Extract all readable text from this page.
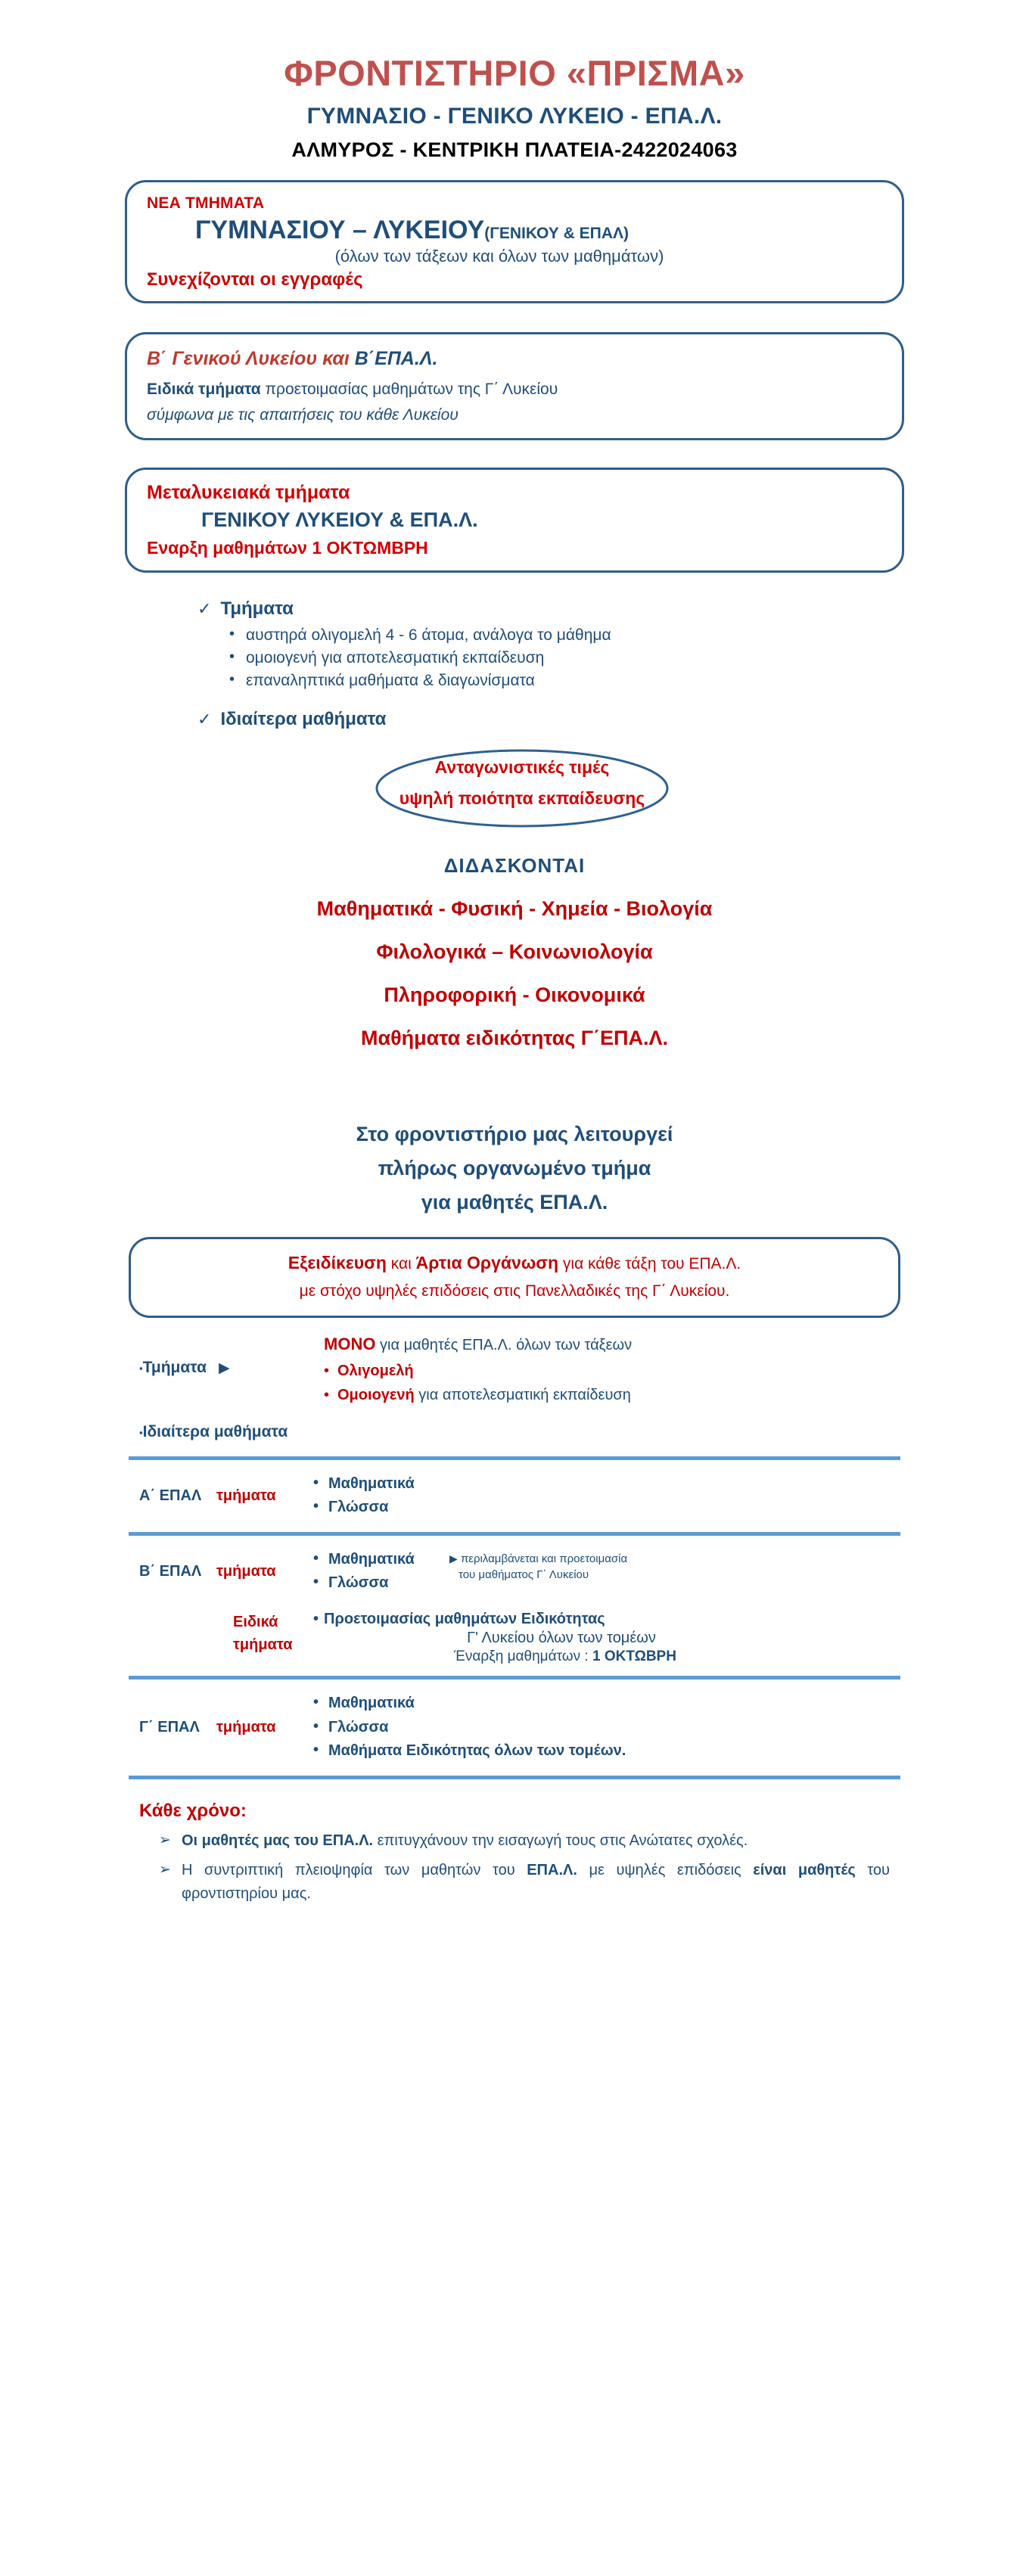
ΦΡΟΝΤΙΣΤΗΡΙΟ «ΠΡΙΣΜΑ»
ΓΥΜΝΑΣΙΟ - ΓΕΝΙΚΟ ΛΥΚΕΙΟ - ΕΠΑ.Λ.
ΑΛΜΥΡΟΣ - ΚΕΝΤΡΙΚΗ ΠΛΑΤΕΙΑ-2422024063
ΝΕΑ ΤΜΗΜΑΤΑ
ΓΥΜΝΑΣΙΟΥ – ΛΥΚΕΙΟΥ(ΓΕΝΙΚΟΥ & ΕΠΑΛ)
(όλων των τάξεων και όλων των μαθημάτων)
Συνεχίζονται οι εγγραφές
Β΄ Γενικού Λυκείου και Β΄ΕΠΑ.Λ.
Ειδικά τμήματα προετοιμασίας μαθημάτων της Γ΄ Λυκείου
σύμφωνα με τις απαιτήσεις του κάθε Λυκείου
Μεταλυκειακά τμήματα
ΓΕΝΙΚΟΥ ΛΥΚΕΙΟΥ & ΕΠΑ.Λ.
Εναρξη μαθημάτων 1 ΟΚΤΩΜΒΡΗ
✓ Τμήματα
• αυστηρά ολιγομελή 4 - 6 άτομα, ανάλογα το μάθημα
• ομοιογενή για αποτελεσματική εκπαίδευση
• επαναληπτικά μαθήματα & διαγωνίσματα
✓ Ιδιαίτερα μαθήματα
Ανταγωνιστικές τιμές
υψηλή ποιότητα εκπαίδευσης
ΔΙΔΑΣΚΟΝΤΑΙ
Μαθηματικά - Φυσική - Χημεία - Βιολογία
Φιλολογικά – Κοινωνιολογία
Πληροφορική - Οικονομικά
Μαθήματα ειδικότητας Γ΄ΕΠΑ.Λ.
Στο φροντιστήριο μας λειτουργεί
πλήρως οργανωμένο τμήμα
για μαθητές ΕΠΑ.Λ.
Εξειδίκευση και Άρτια Οργάνωση για κάθε τάξη του ΕΠΑ.Λ.
με στόχο υψηλές επιδόσεις στις Πανελλαδικές της Γ΄ Λυκείου.
ΜΟΝΟ για μαθητές ΕΠΑ.Λ. όλων των τάξεων
▪Τμήματα ▶	• Ολιγομελή
• Ομοιογενή για αποτελεσματική εκπαίδευση
▪Ιδιαίτερα μαθήματα
Α΄ ΕΠΑΛ τμήματα
• Μαθηματικά
• Γλώσσα
Β΄ ΕΠΑΛ τμήματα
• Μαθηματικά
• Γλώσσα
▶ περιλαμβάνεται και προετοιμασία
του μαθήματος Γ΄ Λυκείου
Ειδικά
τμήματα
• Προετοιμασίας μαθημάτων Ειδικότητας
Γ' Λυκείου όλων των τομέων
Έναρξη μαθημάτων : 1 ΟΚΤΩΒΡΗ
Γ΄ ΕΠΑΛ	τμήματα
• Μαθηματικά
• Γλώσσα
• Μαθήματα Ειδικότητας όλων των τομέων.
Κάθε χρόνο:
➢ Οι μαθητές μας του ΕΠΑ.Λ. επιτυγχάνουν την εισαγωγή τους στις Ανώτατες σχολές.
➢ Η συντριπτική πλειοψηφία των μαθητών του ΕΠΑ.Λ. με υψηλές επιδόσεις είναι μαθητές του φροντιστηρίου μας.
